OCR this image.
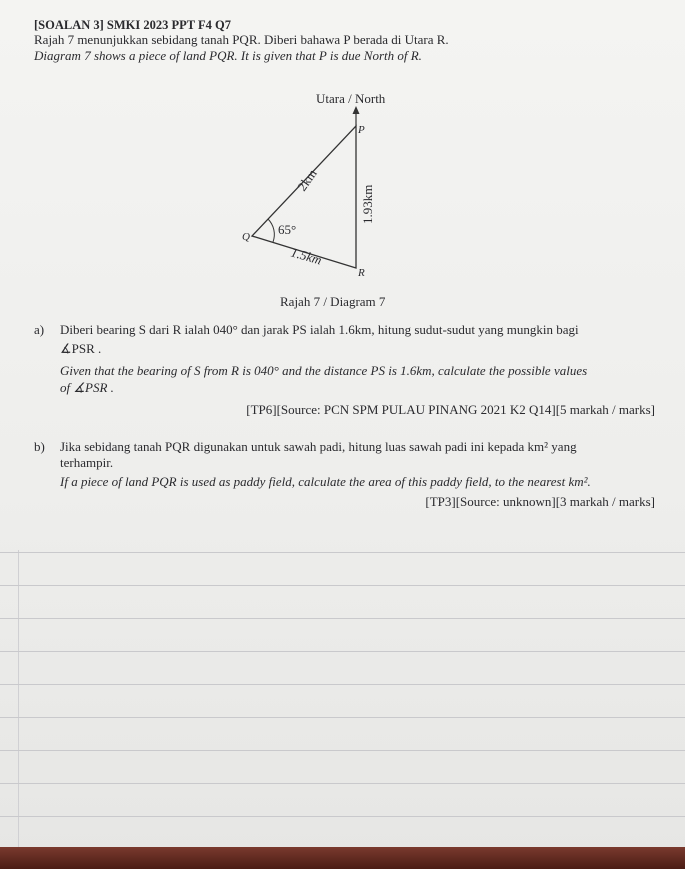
[SOALAN 3] SMKI 2023 PPT F4 Q7
Rajah 7 menunjukkan sebidang tanah PQR. Diberi bahawa P berada di Utara R.
Diagram 7 shows a piece of land PQR. It is given that P is due North of R.
Utara / North
P
Q
R
65°
2km
1.93km
1.5km
Rajah 7 / Diagram 7
a) Diberi bearing S dari R ialah 040° dan jarak PS ialah 1.6km, hitung sudut-sudut yang mungkin bagi
∡PSR .
Given that the bearing of S from R is 040° and the distance PS is 1.6km, calculate the possible values
of ∡PSR .
[TP6][Source: PCN SPM PULAU PINANG 2021 K2 Q14][5 markah / marks]
b) Jika sebidang tanah PQR digunakan untuk sawah padi, hitung luas sawah padi ini kepada km² yang
terhampir.
If a piece of land PQR is used as paddy field, calculate the area of this paddy field, to the nearest km².
[TP3][Source: unknown][3 markah / marks]
